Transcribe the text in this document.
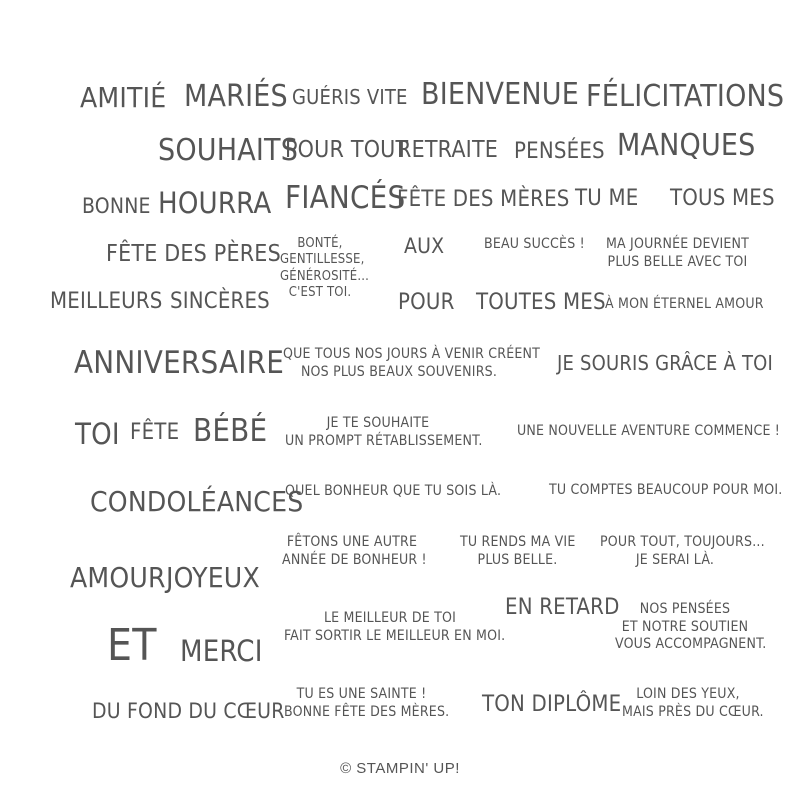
AMITIÉ MARIÉS GUÉRIS VITE BIENVENUE FÉLICITATIONS
SOUHAITS
POUR TOUT
RETRAITE PENSÉES MANQUES
BONNE HOURRA FIANCÉS
FÊTE DES MÈRES TU ME TOUS MES
FÊTE DES PÈRES	BONTÉ,
GENTILLESSE,
GÉNÉROSITÉ...
C'EST TOI.
AUX	BEAU SUCCÈS ! MA JOURNÉE DEVIENT
PLUS BELLE AVEC TOI
MEILLEURS SINCÈRES	POUR TOUTES MES À MON ÉTERNEL AMOUR
ANNIVERSAIRE
QUE TOUS NOS JOURS À VENIR CRÉENT
NOS PLUS BEAUX SOUVENIRS.	JE SOURIS GRÂCE À TOI
TOI FÊTE BÉBÉ	JE TE SOUHAITE
UN PROMPT RÉTABLISSEMENT.
UNE NOUVELLE AVENTURE COMMENCE !
CONDOLÉANCES
QUEL BONHEUR QUE TU SOIS LÀ.	TU COMPTES BEAUCOUP POUR MOI.
FÊTONS UNE AUTRE
ANNÉE DE BONHEUR !
TU RENDS MA VIE
PLUS BELLE.
POUR TOUT, TOUJOURS...
JE SERAI LÀ.
AMOUR JOYEUX
LE MEILLEUR DE TOI
FAIT SORTIR LE MEILLEUR EN MOI.
EN RETARD	NOS PENSÉES
ET NOTRE SOUTIEN
VOUS ACCOMPAGNENT.
ET MERCI
DU FOND DU CŒUR
TU ES UNE SAINTE !
BONNE FÊTE DES MÈRES. TON DIPLÔME	LOIN DES YEUX,
MAIS PRÈS DU CŒUR.
© STAMPIN' UP!
